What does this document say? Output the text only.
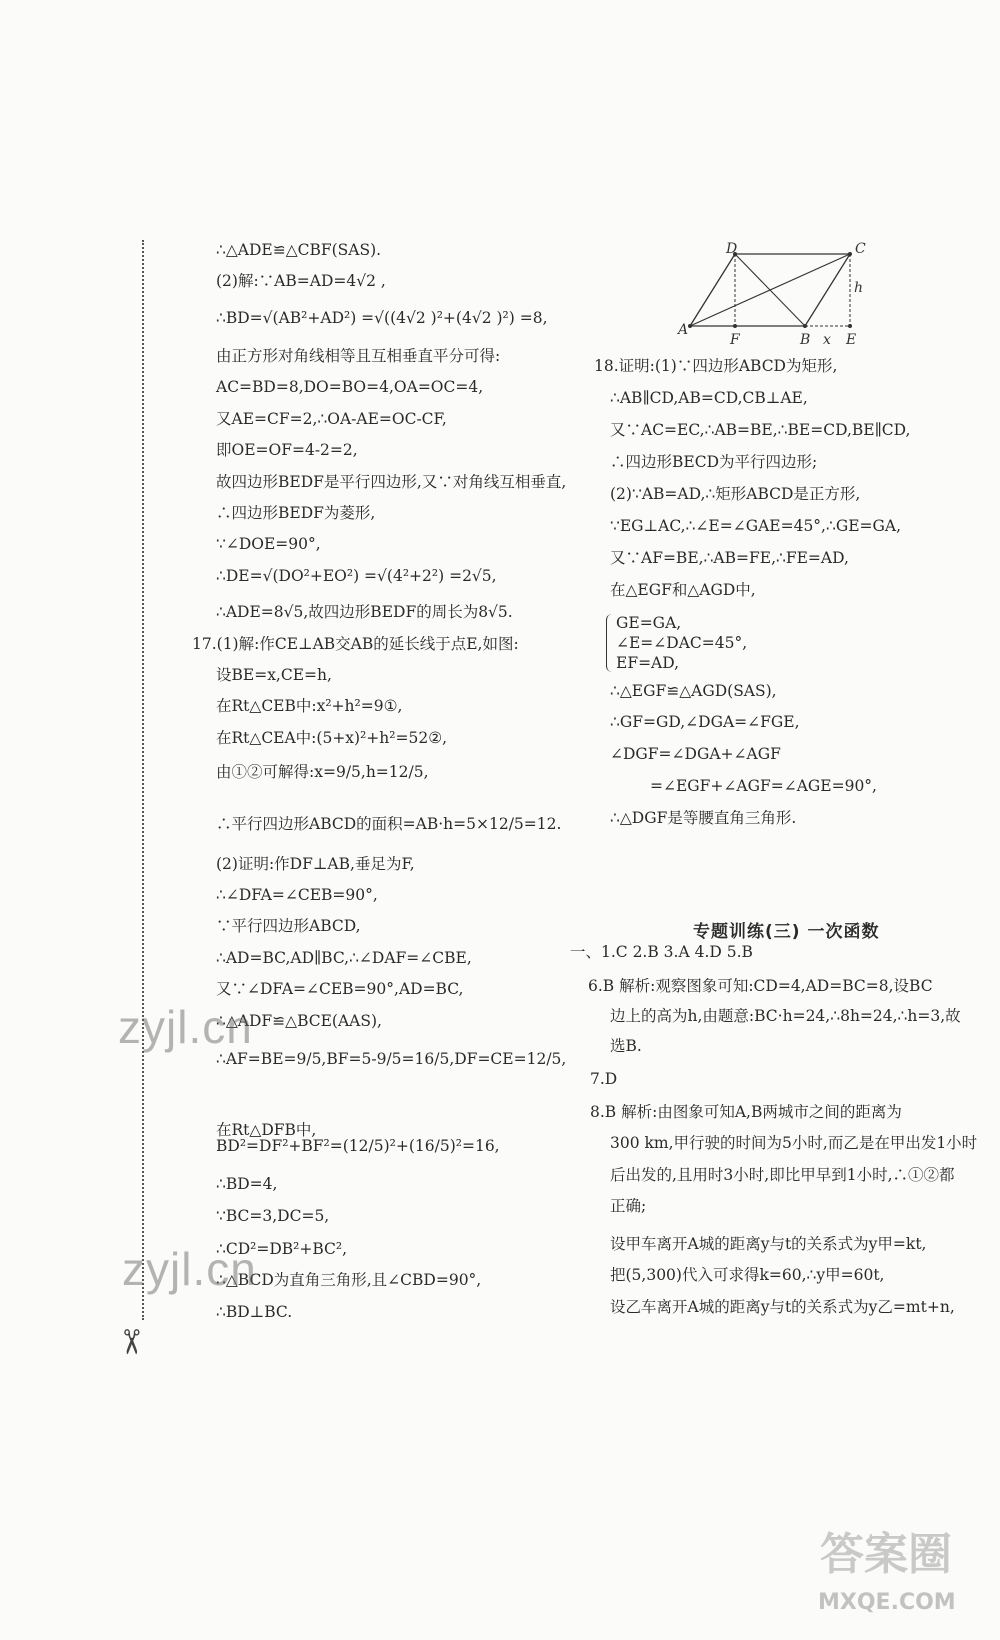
✂
∴△ADE≌△CBF(SAS).
(2)解:∵AB=AD=4√2 ,
∴BD=√(AB²+AD²) =√((4√2 )²+(4√2 )²) =8,
由正方形对角线相等且互相垂直平分可得:
AC=BD=8,DO=BO=4,OA=OC=4,
又AE=CF=2,∴OA-AE=OC-CF,
即OE=OF=4-2=2,
故四边形BEDF是平行四边形,又∵对角线互相垂直,
∴四边形BEDF为菱形,
∵∠DOE=90°,
∴DE=√(DO²+EO²) =√(4²+2²) =2√5,
∴ADE=8√5,故四边形BEDF的周长为8√5.
17.(1)解:作CE⊥AB交AB的延长线于点E,如图:
设BE=x,CE=h,
在Rt△CEB中:x²+h²=9①,
在Rt△CEA中:(5+x)²+h²=52②,
由①②可解得:x=9/5,h=12/5,
∴平行四边形ABCD的面积=AB·h=5×12/5=12.
(2)证明:作DF⊥AB,垂足为F,
∴∠DFA=∠CEB=90°,
∵平行四边形ABCD,
∴AD=BC,AD∥BC,∴∠DAF=∠CBE,
又∵∠DFA=∠CEB=90°,AD=BC,
∴△ADF≌△BCE(AAS),
∴AF=BE=9/5,BF=5-9/5=16/5,DF=CE=12/5,
在Rt△DFB中,
BD²=DF²+BF²=(12/5)²+(16/5)²=16,
∴BD=4,
∵BC=3,DC=5,
∴CD²=DB²+BC²,
∴△BCD为直角三角形,且∠CBD=90°,
∴BD⊥BC.
18.证明:(1)∵四边形ABCD为矩形,
∴AB∥CD,AB=CD,CB⊥AE,
又∵AC=EC,∴AB=BE,∴BE=CD,BE∥CD,
∴四边形BECD为平行四边形;
(2)∵AB=AD,∴矩形ABCD是正方形,
∵EG⊥AC,∴∠E=∠GAE=45°,∴GE=GA,
又∵AF=BE,∴AB=FE,∴FE=AD,
在△EGF和△AGD中,
GE=GA,
∠E=∠DAC=45°,
EF=AD,
∴△EGF≌△AGD(SAS),
∴GF=GD,∠DGA=∠FGE,
∠DGF=∠DGA+∠AGF
=∠EGF+∠AGF=∠AGE=90°,
∴△DGF是等腰直角三角形.
专题训练(三) 一次函数
一、1.C 2.B 3.A 4.D 5.B
6.B 解析:观察图象可知:CD=4,AD=BC=8,设BC
边上的高为h,由题意:BC·h=24,∴8h=24,∴h=3,故
选B.
7.D
8.B 解析:由图象可知A,B两城市之间的距离为
300 km,甲行驶的时间为5小时,而乙是在甲出发1小时
后出发的,且用时3小时,即比甲早到1小时,∴①②都
正确;
设甲车离开A城的距离y与t的关系式为y甲=kt,
把(5,300)代入可求得k=60,∴y甲=60t,
设乙车离开A城的距离y与t的关系式为y乙=mt+n,
D	C
h
A
F	B x E
zyjl.cn
zyjl.cn
答案圈
MXQE.COM
